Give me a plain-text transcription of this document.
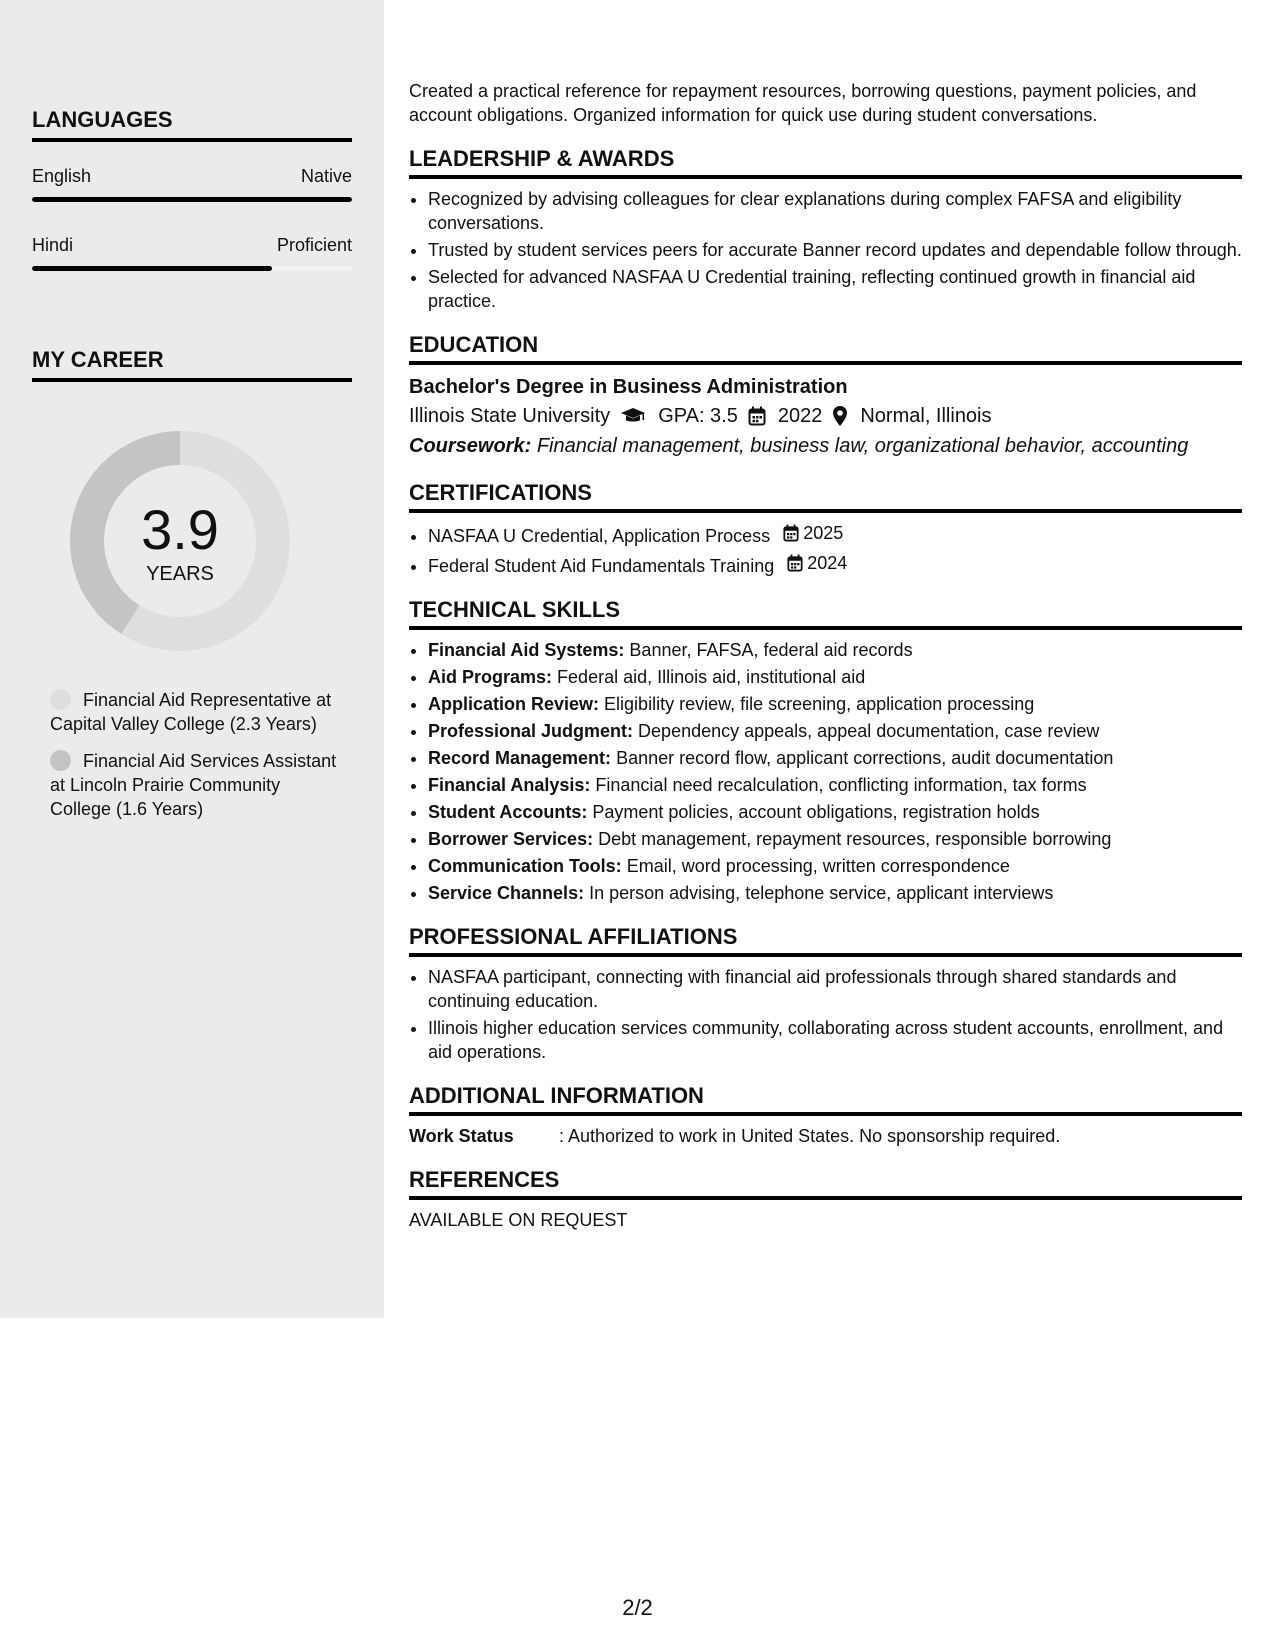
LANGUAGES
English	Native
Hindi	Proficient
MY CAREER
3.9
YEARS
Financial Aid Representative at Capital Valley College (2.3 Years)
Financial Aid Services Assistant at Lincoln Prairie Community College (1.6 Years)

Created a practical reference for repayment resources, borrowing questions, payment policies, and account obligations. Organized information for quick use during student conversations.

LEADERSHIP & AWARDS
• Recognized by advising colleagues for clear explanations during complex FAFSA and eligibility conversations.
• Trusted by student services peers for accurate Banner record updates and dependable follow through.
• Selected for advanced NASFAA U Credential training, reflecting continued growth in financial aid practice.
EDUCATION
Bachelor's Degree in Business Administration
Illinois State University GPA: 3.5 2022 Normal, Illinois
Coursework: Financial management, business law, organizational behavior, accounting
CERTIFICATIONS
• NASFAA U Credential, Application Process 2025
• Federal Student Aid Fundamentals Training 2024
TECHNICAL SKILLS
• Financial Aid Systems: Banner, FAFSA, federal aid records
• Aid Programs: Federal aid, Illinois aid, institutional aid
• Application Review: Eligibility review, file screening, application processing
• Professional Judgment: Dependency appeals, appeal documentation, case review
• Record Management: Banner record flow, applicant corrections, audit documentation
• Financial Analysis: Financial need recalculation, conflicting information, tax forms
• Student Accounts: Payment policies, account obligations, registration holds
• Borrower Services: Debt management, repayment resources, responsible borrowing
• Communication Tools: Email, word processing, written correspondence
• Service Channels: In person advising, telephone service, applicant interviews
PROFESSIONAL AFFILIATIONS
• NASFAA participant, connecting with financial aid professionals through shared standards and continuing education.
• Illinois higher education services community, collaborating across student accounts, enrollment, and aid operations.
ADDITIONAL INFORMATION
Work Status	: Authorized to work in United States. No sponsorship required.
REFERENCES
AVAILABLE ON REQUEST
2/2
